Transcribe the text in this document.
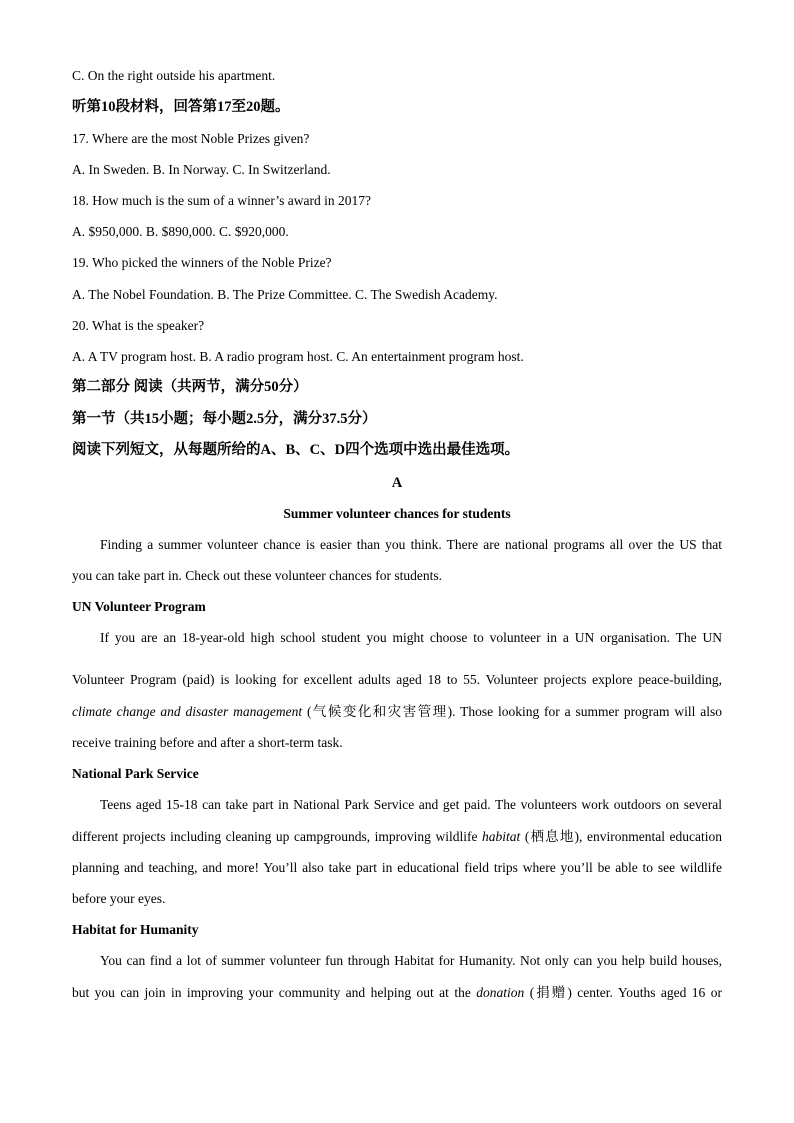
C. On the right outside his apartment.
听第10段材料，回答第17至20题。
17. Where are the most Noble Prizes given?
A. In Sweden. B. In Norway. C. In Switzerland.
18. How much is the sum of a winner’s award in 2017?
A. $950,000. B. $890,000. C. $920,000.
19. Who picked the winners of the Noble Prize?
A. The Nobel Foundation. B. The Prize Committee. C. The Swedish Academy.
20. What is the speaker?
A. A TV program host. B. A radio program host. C. An entertainment program host.
第二部分 阅读（共两节，满分50分）
第一节（共15小题；每小题2.5分，满分37.5分）
阅读下列短文，从每题所给的A、B、C、D四个选项中选出最佳选项。
A
Summer volunteer chances for students
Finding a summer volunteer chance is easier than you think. There are national programs all over the US that
you can take part in. Check out these volunteer chances for students.
UN Volunteer Program
If you are an 18-year-old high school student you might choose to volunteer in a UN organisation. The UN
Volunteer Program (paid) is looking for excellent adults aged 18 to 55. Volunteer projects explore peace-building,
climate change and disaster management (气候变化和灾害管理). Those looking for a summer program will also
receive training before and after a short-term task.
National Park Service
Teens aged 15-18 can take part in National Park Service and get paid. The volunteers work outdoors on several
different projects including cleaning up campgrounds, improving wildlife habitat (栖息地), environmental education
planning and teaching, and more! You’ll also take part in educational field trips where you’ll be able to see wildlife
before your eyes.
Habitat for Humanity
You can find a lot of summer volunteer fun through Habitat for Humanity. Not only can you help build houses,
but you can join in improving your community and helping out at the donation (捐赠) center. Youths aged 16 or
